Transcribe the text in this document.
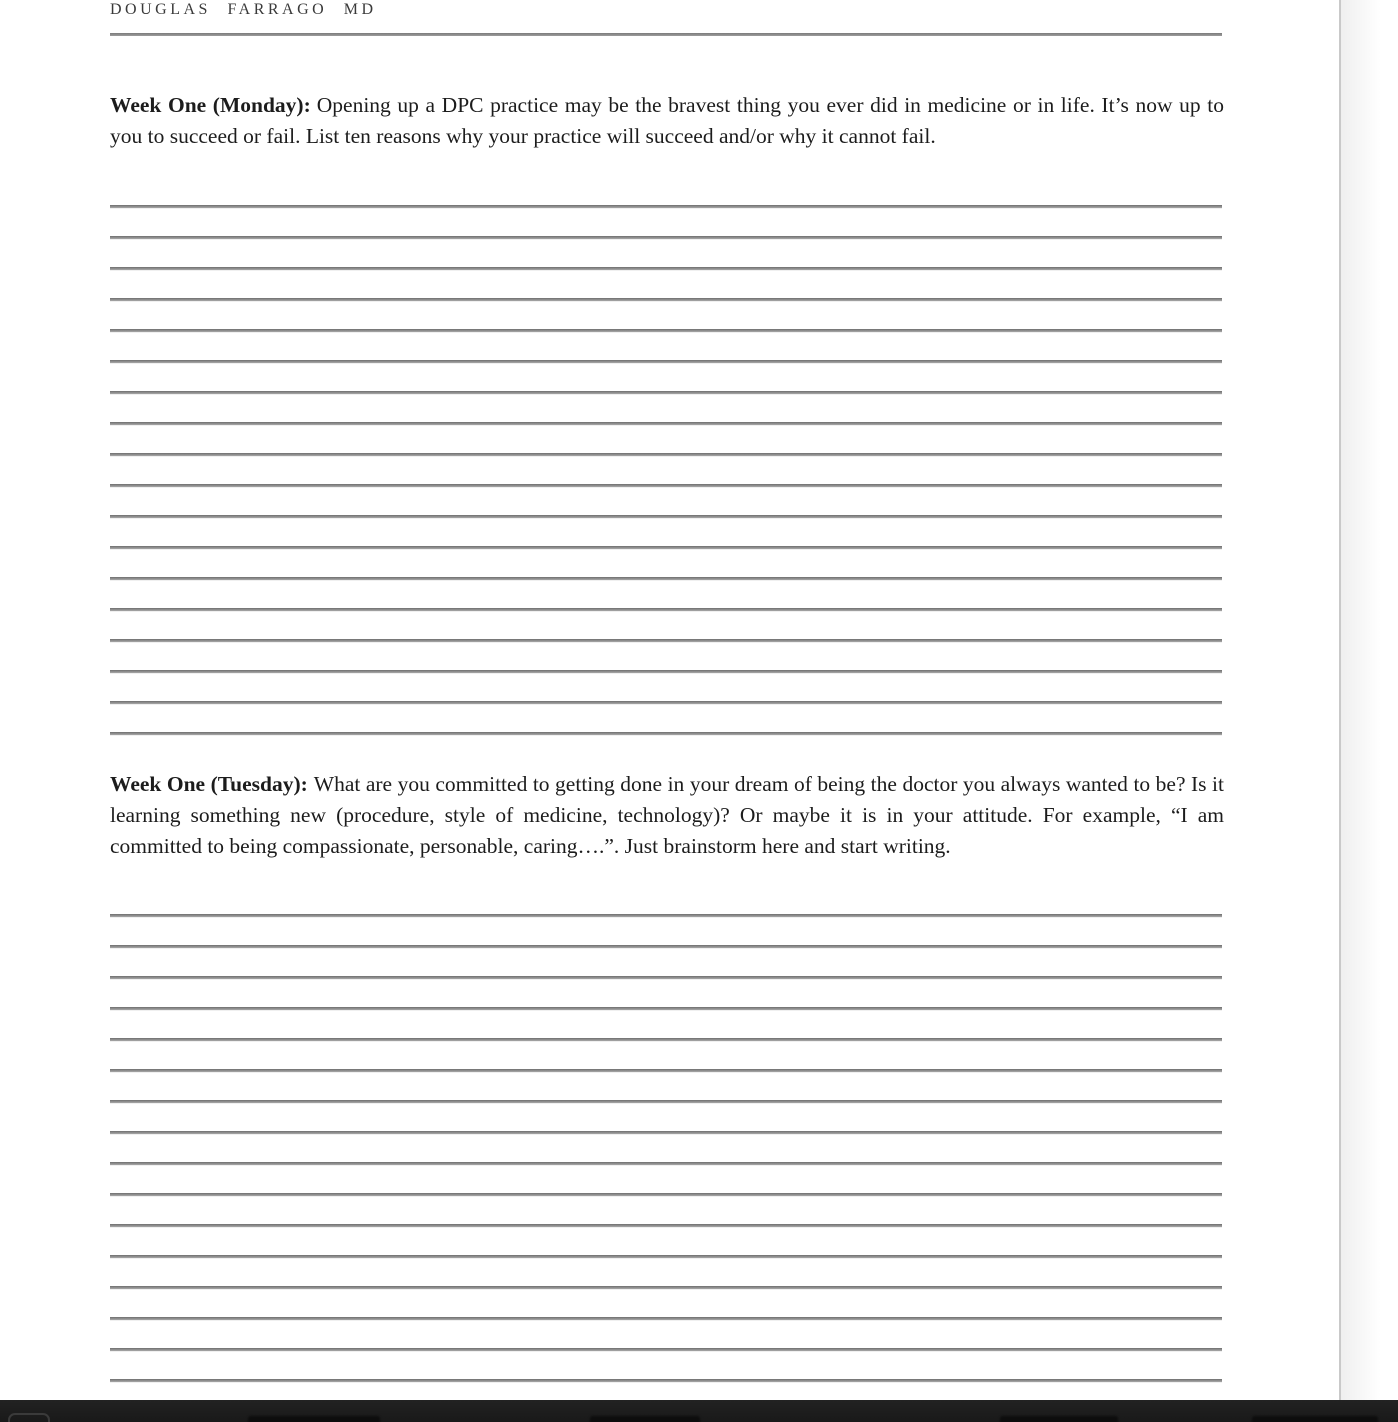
DOUGLAS FARRAGO MD

Week One (Monday): Opening up a DPC practice may be the bravest thing you ever did in medicine or in life. It’s now up to you to succeed or fail. List ten reasons why your practice will succeed and/or why it cannot fail.

Week One (Tuesday): What are you committed to getting done in your dream of being the doctor you always wanted to be? Is it learning something new (procedure, style of medicine, technology)? Or maybe it is in your attitude. For example, “I am committed to being compassionate, personable, caring….”. Just brainstorm here and start writing.
